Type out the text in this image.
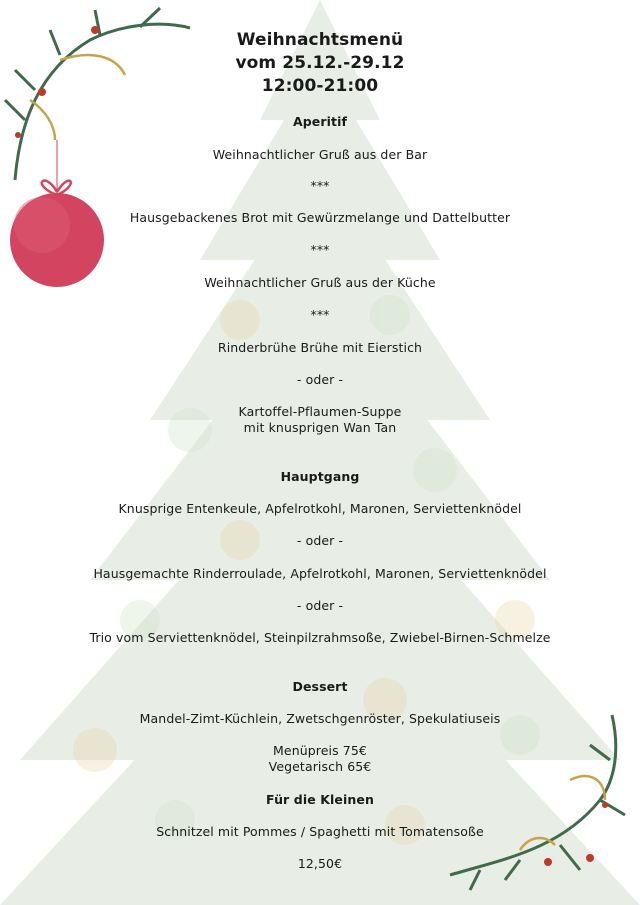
Weihnachtsmenü
vom 25.12.-29.12
12:00-21:00
Aperitif
Weihnachtlicher Gruß aus der Bar
***
Hausgebackenes Brot mit Gewürzmelange und Dattelbutter
***
Weihnachtlicher Gruß aus der Küche
***
Rinderbrühe Brühe mit Eierstich
- oder -
Kartoffel-Pflaumen-Suppe
mit knusprigen Wan Tan
Hauptgang
Knusprige Entenkeule, Apfelrotkohl, Maronen, Serviettenknödel
- oder -
Hausgemachte Rinderroulade, Apfelrotkohl, Maronen, Serviettenknödel
- oder -
Trio vom Serviettenknödel, Steinpilzrahmsoße, Zwiebel-Birnen-Schmelze
Dessert
Mandel-Zimt-Küchlein, Zwetschgenröster, Spekulatiuseis
Menüpreis 75€
Vegetarisch 65€
Für die Kleinen
Schnitzel mit Pommes / Spaghetti mit Tomatensoße
12,50€
